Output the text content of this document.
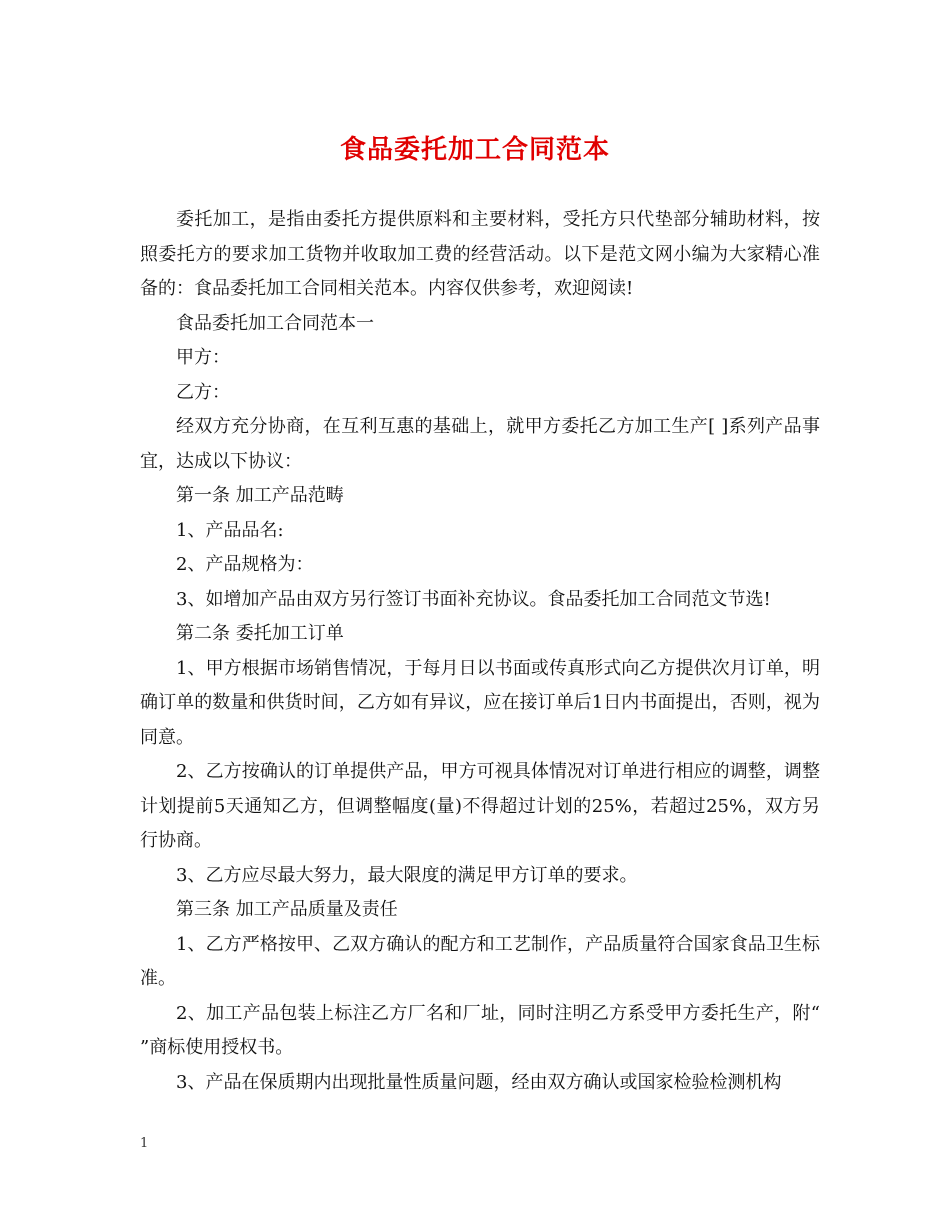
食品委托加工合同范本

委托加工，是指由委托方提供原料和主要材料，受托方只代垫部分辅助材料，按照委托方的要求加工货物并收取加工费的经营活动。以下是范文网小编为大家精心准备的：食品委托加工合同相关范本。内容仅供参考，欢迎阅读!

食品委托加工合同范本一

甲方：

乙方：

经双方充分协商，在互利互惠的基础上，就甲方委托乙方加工生产[ ]系列产品事宜，达成以下协议：

第一条 加工产品范畴

1、产品品名:

2、产品规格为：

3、如增加产品由双方另行签订书面补充协议。食品委托加工合同范文节选!

第二条 委托加工订单

1、甲方根据市场销售情况，于每月日以书面或传真形式向乙方提供次月订单，明确订单的数量和供货时间，乙方如有异议，应在接订单后1日内书面提出，否则，视为同意。

2、乙方按确认的订单提供产品，甲方可视具体情况对订单进行相应的调整，调整计划提前5天通知乙方，但调整幅度(量)不得超过计划的25%，若超过25%，双方另行协商。

3、乙方应尽最大努力，最大限度的满足甲方订单的要求。

第三条 加工产品质量及责任

1、乙方严格按甲、乙双方确认的配方和工艺制作，产品质量符合国家食品卫生标准。

2、加工产品包装上标注乙方厂名和厂址，同时注明乙方系受甲方委托生产，附“ ”商标使用授权书。

3、产品在保质期内出现批量性质量问题，经由双方确认或国家检验检测机构

1
